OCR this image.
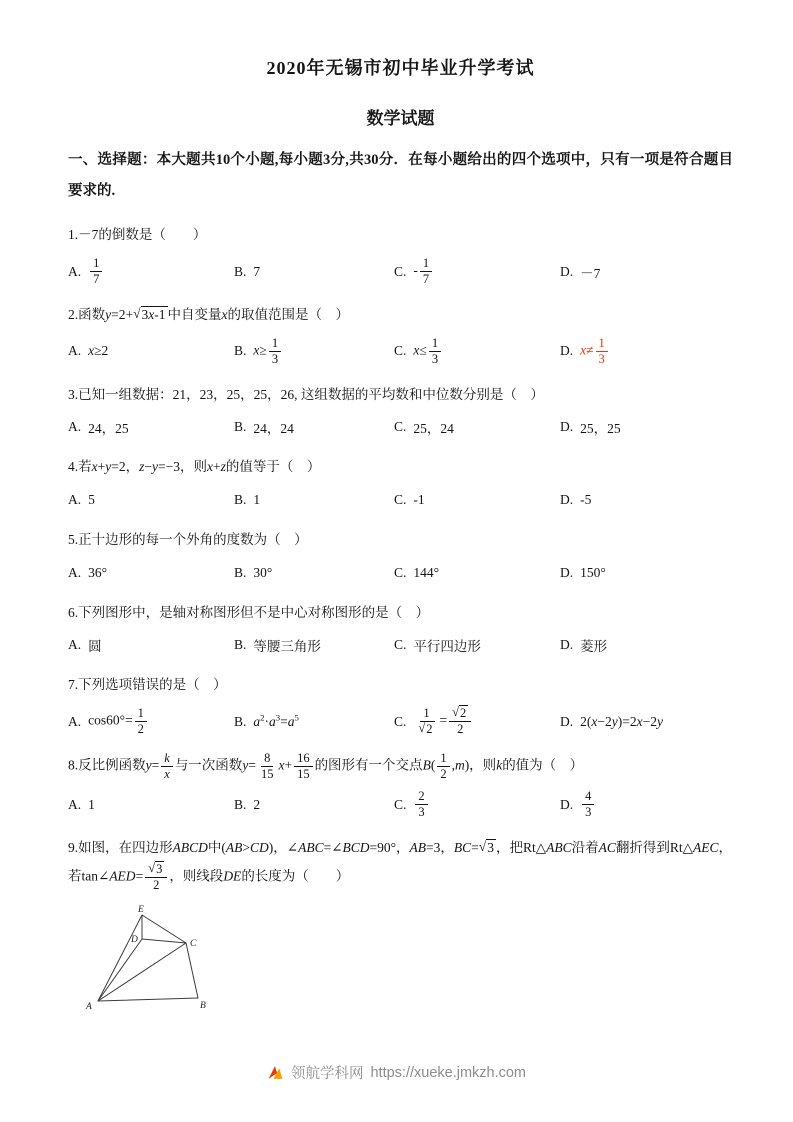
2020年无锡市初中毕业升学考试
数学试题

一、选择题：本大题共10个小题,每小题3分,共30分．在每小题给出的四个选项中，只有一项是符合题目要求的.

1.－7的倒数是（　　）

A. $\frac{1}{7}$	B. 7	C. - $\frac{1}{7}$	D. －7

2.函数y=2+√3x-1 中自变量x的取值范围是（　）

A. x≥2	B. $x\ge \frac{1}{3}$	C. $x\le \frac{1}{3}$	D. $x\ne \frac{1}{3}$

3.已知一组数据：21，23，25，25，26, 这组数据的平均数和中位数分别是（　）

A. 24，25	B. 24，24	C. 25，24	D. 25，25

4.若x+y=2，z−y=−3，则x+z的值等于（　）

A. 5	B. 1	C. -1	D. -5

5.正十边形的每一个外角的度数为（　）

A. 36°	B. 30°	C. 144°	D. 150°

6.下列图形中，是轴对称图形但不是中心对称图形的是（　）

A. 圆	B. 等腰三角形	C. 平行四边形	D. 菱形

7.下列选项错误的是（　）

A. $\cos 60^\circ= \frac{1}{2}$	B. $a^2\cdot a^3=a^5$	C. $\frac{1}{√2} = \frac{√2}{2}$	D. 2(x−2y)=2x−2y

8.反比例函数$y= \frac{k}{x}$ 与一次函数$y= \frac{8}{15} x+ \frac{16}{15}$ 的图形有一个交点$B( \frac{1}{2} ,m)$，则k的值为（　）

A. 1	B. 2	C. $\frac{2}{3}$	D. $\frac{4}{3}$

9.如图，在四边形ABCD中(AB>CD)，∠ABC=∠BCD=90°，AB=3，BC=√3 ，把Rt△ABC沿着AC翻折得到Rt△AEC，若tan∠AED= $\frac{√3}{2}$ ，则线段DE的长度为（　　）

E
D	C
A	B
领航学科网 https://xueke.jmkzh.com
